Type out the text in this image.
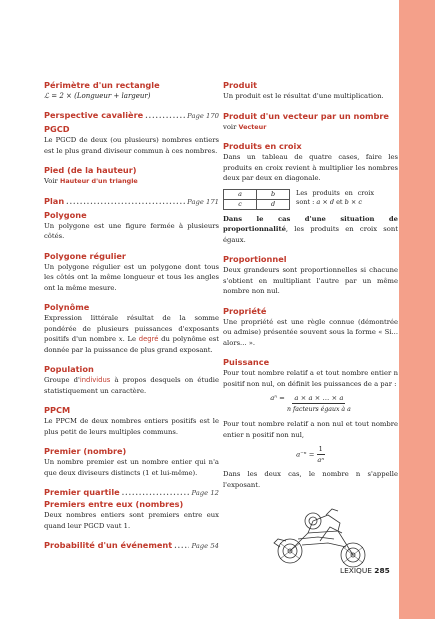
Périmètre d'un rectangle
ℒ = 2 × (Longueur + largeur)
Perspective cavalière .....	Page 170
PGCD
Le PGCD de deux (ou plusieurs) nombres entiers est le plus grand diviseur commun à ces nombres.
Pied (de la hauteur)
Voir Hauteur d'un triangle
Plan .....	Page 171
Polygone
Un polygone est une figure fermée à plusieurs côtés.
Polygone régulier
Un polygone régulier est un polygone dont tous les côtés ont la même longueur et tous les angles ont la même mesure.
Polynôme
Expression littérale résultat de la somme pondérée de plusieurs puissances d'exposants positifs d'un nombre x. Le degré du polynôme est donnée par la puissance de plus grand exposant.
Population
Groupe d'individus à propos desquels on étudie statistiquement un caractère.
PPCM
Le PPCM de deux nombres entiers positifs est le plus petit de leurs multiples communs.
Premier (nombre)
Un nombre premier est un nombre entier qui n'a que deux diviseurs distincts (1 et lui-même).
Premier quartile .....	Page 12
Premiers entre eux (nombres)
Deux nombres entiers sont premiers entre eux quand leur PGCD vaut 1.
Probabilité d'un événement .....	Page 54
Produit
Un produit est le résultat d'une multiplication.
Produit d'un vecteur par un nombre
voir Vecteur
Produits en croix
Dans un tableau de quatre cases, faire les produits en croix revient à multiplier les nombres deux par deux en diagonale.
a	b
c	d
Les produits en croix sont : a × d et b × c
Dans le cas d'une situation de proportionnalité, les produits en croix sont égaux.
Proportionnel
Deux grandeurs sont proportionnelles si chacune s'obtient en multipliant l'autre par un même nombre non nul.
Propriété
Une propriété est une règle connue (démontrée ou admise) présentée souvent sous la forme « Si... alors... ».
Puissance
Pour tout nombre relatif a et tout nombre entier n positif non nul, on définit les puissances de a par :
aⁿ = a × a × … × a
n facteurs égaux à a
Pour tout nombre relatif a non nul et tout nombre entier n positif non nul,
$a^{-n} = \frac{1}{\text{aⁿ}}$
Dans les deux cas, le nombre n s'appelle l'exposant.
LEXIQUE 285
